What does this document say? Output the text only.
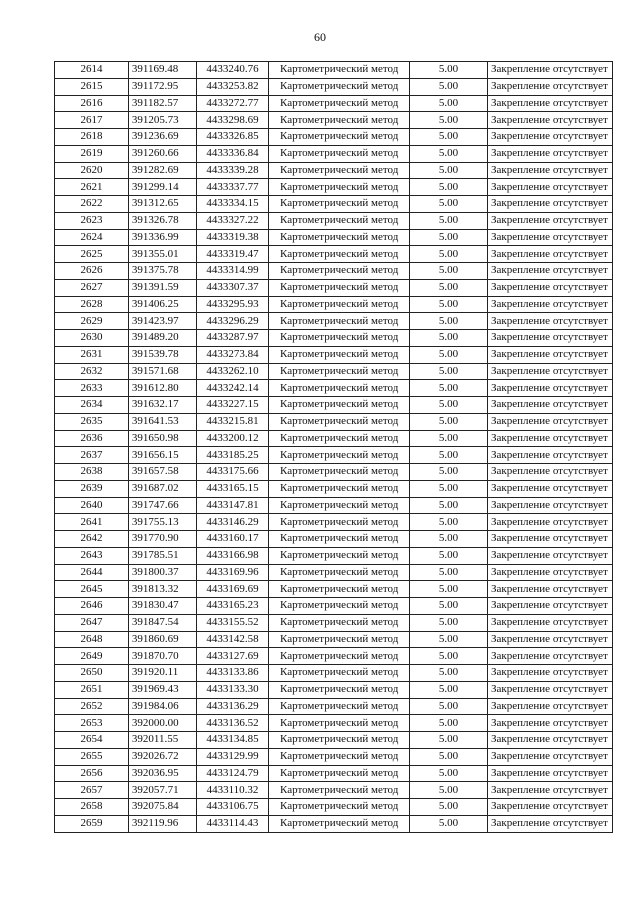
60
2614	391169.48	4433240.76	Картометрический метод	5.00	Закрепление отсутствует
2615	391172.95	4433253.82	Картометрический метод	5.00	Закрепление отсутствует
2616	391182.57	4433272.77	Картометрический метод	5.00	Закрепление отсутствует
2617	391205.73	4433298.69	Картометрический метод	5.00	Закрепление отсутствует
2618	391236.69	4433326.85	Картометрический метод	5.00	Закрепление отсутствует
2619	391260.66	4433336.84	Картометрический метод	5.00	Закрепление отсутствует
2620	391282.69	4433339.28	Картометрический метод	5.00	Закрепление отсутствует
2621	391299.14	4433337.77	Картометрический метод	5.00	Закрепление отсутствует
2622	391312.65	4433334.15	Картометрический метод	5.00	Закрепление отсутствует
2623	391326.78	4433327.22	Картометрический метод	5.00	Закрепление отсутствует
2624	391336.99	4433319.38	Картометрический метод	5.00	Закрепление отсутствует
2625	391355.01	4433319.47	Картометрический метод	5.00	Закрепление отсутствует
2626	391375.78	4433314.99	Картометрический метод	5.00	Закрепление отсутствует
2627	391391.59	4433307.37	Картометрический метод	5.00	Закрепление отсутствует
2628	391406.25	4433295.93	Картометрический метод	5.00	Закрепление отсутствует
2629	391423.97	4433296.29	Картометрический метод	5.00	Закрепление отсутствует
2630	391489.20	4433287.97	Картометрический метод	5.00	Закрепление отсутствует
2631	391539.78	4433273.84	Картометрический метод	5.00	Закрепление отсутствует
2632	391571.68	4433262.10	Картометрический метод	5.00	Закрепление отсутствует
2633	391612.80	4433242.14	Картометрический метод	5.00	Закрепление отсутствует
2634	391632.17	4433227.15	Картометрический метод	5.00	Закрепление отсутствует
2635	391641.53	4433215.81	Картометрический метод	5.00	Закрепление отсутствует
2636	391650.98	4433200.12	Картометрический метод	5.00	Закрепление отсутствует
2637	391656.15	4433185.25	Картометрический метод	5.00	Закрепление отсутствует
2638	391657.58	4433175.66	Картометрический метод	5.00	Закрепление отсутствует
2639	391687.02	4433165.15	Картометрический метод	5.00	Закрепление отсутствует
2640	391747.66	4433147.81	Картометрический метод	5.00	Закрепление отсутствует
2641	391755.13	4433146.29	Картометрический метод	5.00	Закрепление отсутствует
2642	391770.90	4433160.17	Картометрический метод	5.00	Закрепление отсутствует
2643	391785.51	4433166.98	Картометрический метод	5.00	Закрепление отсутствует
2644	391800.37	4433169.96	Картометрический метод	5.00	Закрепление отсутствует
2645	391813.32	4433169.69	Картометрический метод	5.00	Закрепление отсутствует
2646	391830.47	4433165.23	Картометрический метод	5.00	Закрепление отсутствует
2647	391847.54	4433155.52	Картометрический метод	5.00	Закрепление отсутствует
2648	391860.69	4433142.58	Картометрический метод	5.00	Закрепление отсутствует
2649	391870.70	4433127.69	Картометрический метод	5.00	Закрепление отсутствует
2650	391920.11	4433133.86	Картометрический метод	5.00	Закрепление отсутствует
2651	391969.43	4433133.30	Картометрический метод	5.00	Закрепление отсутствует
2652	391984.06	4433136.29	Картометрический метод	5.00	Закрепление отсутствует
2653	392000.00	4433136.52	Картометрический метод	5.00	Закрепление отсутствует
2654	392011.55	4433134.85	Картометрический метод	5.00	Закрепление отсутствует
2655	392026.72	4433129.99	Картометрический метод	5.00	Закрепление отсутствует
2656	392036.95	4433124.79	Картометрический метод	5.00	Закрепление отсутствует
2657	392057.71	4433110.32	Картометрический метод	5.00	Закрепление отсутствует
2658	392075.84	4433106.75	Картометрический метод	5.00	Закрепление отсутствует
2659	392119.96	4433114.43	Картометрический метод	5.00	Закрепление отсутствует
